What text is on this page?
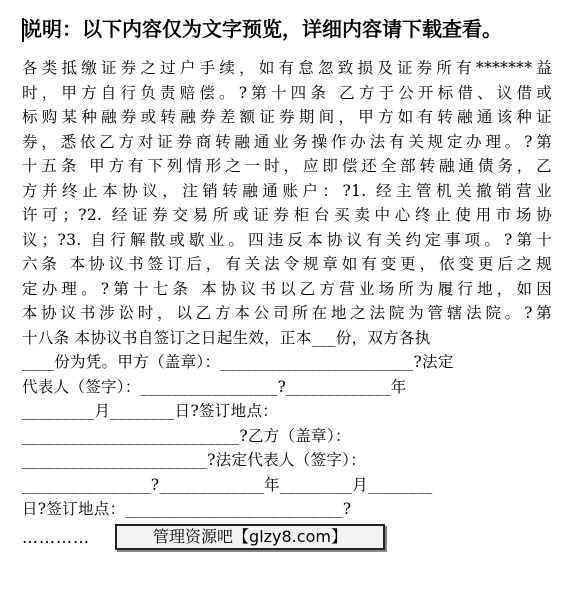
说明：以下内容仅为文字预览，详细内容请下载查看。
各类抵缴证券之过户手续，如有怠忽致损及证券所有*******益
时，甲方自行负责赔偿。?第十四条 乙方于公开标借、议借或
标购某种融券或转融券差额证券期间，甲方如有转融通该种证
券，悉依乙方对证券商转融通业务操作办法有关规定办理。?第
十五条 甲方有下列情形之一时，应即偿还全部转融通债务，乙
方并终止本协议，注销转融通账户：?1. 经主管机关撤销营业
许可；?2. 经证券交易所或证券柜台买卖中心终止使用市场协
议；?3. 自行解散或歇业。四违反本协议有关约定事项。?第十
六条 本协议书签订后，有关法令规章如有变更，依变更后之规
定办理。?第十七条 本协议书以乙方营业场所为履行地，如因
本协议书涉讼时，以乙方本公司所在地之法院为管辖法院。?第
十八条 本协议书自签订之日起生效，正本___份，双方各执
____份为凭。甲方（盖章）：________________________?法定
代表人（签字）：_________________?_____________年
_________月________日?签订地点：
___________________________?乙方（盖章）：
_______________________?法定代表人（签字）：
________________?_____________年_________月________
日?签订地点：___________________________?
…………	管理资源吧【glzy8.com】
